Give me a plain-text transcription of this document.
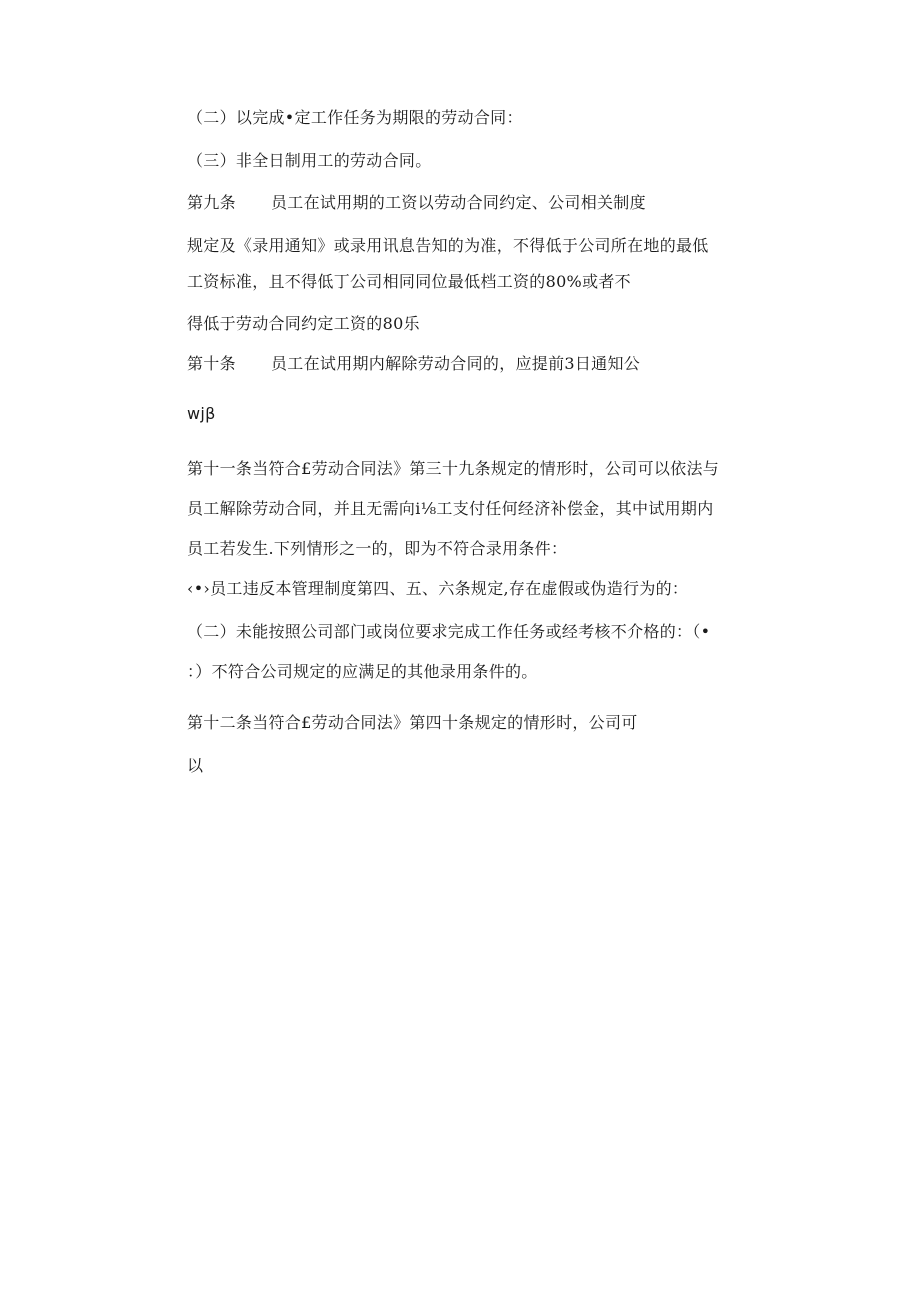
（二）以完成•定工作任务为期限的劳动合同：
（三）非全日制用工的劳动合同。
第九条 员工在试用期的工资以劳动合同约定、公司相关制度
规定及《录用通知》或录用讯息告知的为准，不得低于公司所在地的最低
工资标准，且不得低丁公司相同同位最低档工资的80%或者不
得低于劳动合同约定工资的80乐
第十条 员工在试用期内解除劳动合同的，应提前3日通知公
wjβ
第十一条当符合£劳动合同法》第三十九条规定的情形时，公司可以依法与
员工解除劳动合同，并且无需向i⅛工支付任何经济补偿金，其中试用期内
员工若发生.下列情形之一的，即为不符合录用条件：
‹•›员工违反本管理制度第四、五、六条规定,存在虚假或伪造行为的：
（二）未能按照公司部门或岗位要求完成工作任务或经考核不介格的：（•
：）不符合公司规定的应满足的其他录用条件的。
第十二条当符合£劳动合同法》第四十条规定的情形时，公司可
以
